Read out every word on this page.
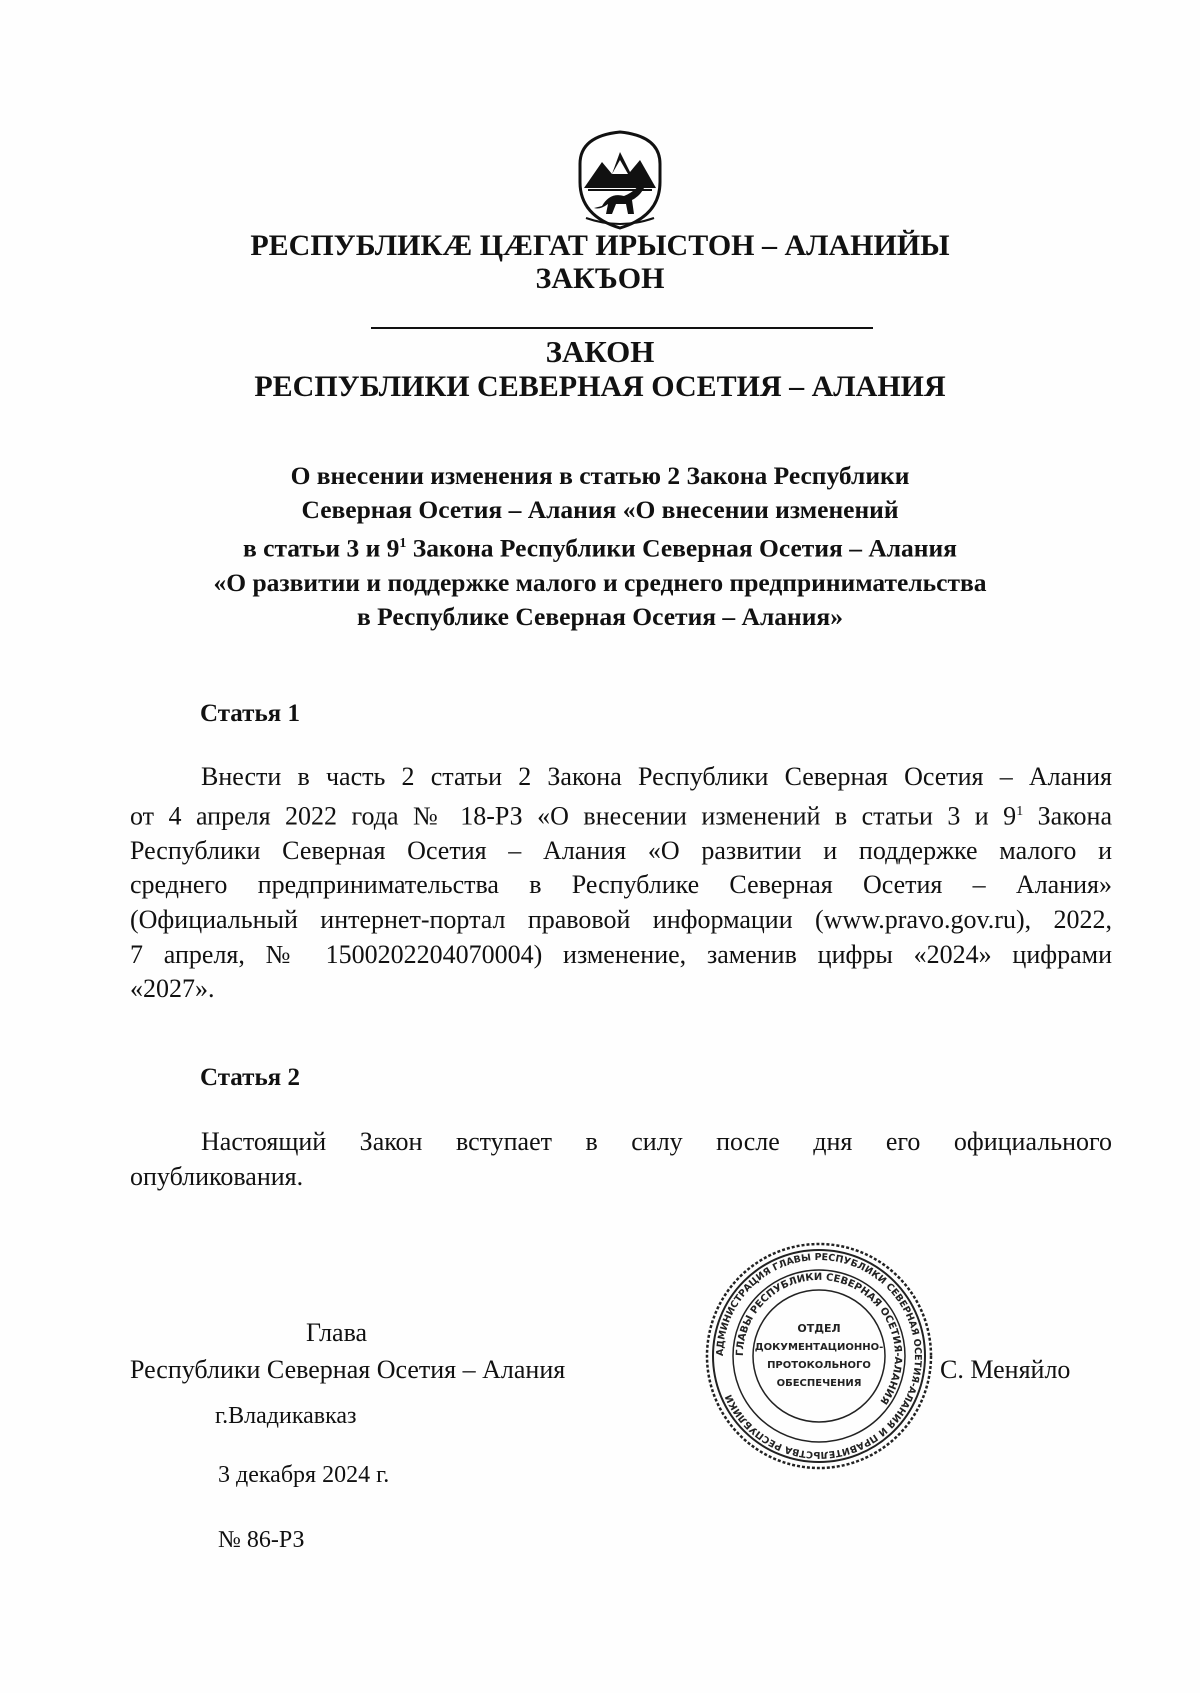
РЕСПУБЛИКӔ ЦӔГАТ ИРЫСТОН – АЛАНИЙЫ

ЗАКЪОН

ЗАКОН

РЕСПУБЛИКИ СЕВЕРНАЯ ОСЕТИЯ – АЛАНИЯ

О внесении изменения в статью 2 Закона Республики
Северная Осетия – Алания «О внесении изменений
в статьи 3 и $9^1$ Закона Республики Северная Осетия – Алания
«О развитии и поддержке малого и среднего предпринимательства
в Республике Северная Осетия – Алания»

Статья 1

Внести в часть 2 статьи 2 Закона Республики Северная Осетия – Алания
от 4 апреля 2022 года № 18-РЗ «О внесении изменений в статьи 3 и $9^1$ Закона
Республики Северная Осетия – Алания «О развитии и поддержке малого и
среднего предпринимательства в Республике Северная Осетия – Алания»
(Официальный интернет-портал правовой информации (www.pravo.gov.ru), 2022,
7 апреля, № 1500202204070004) изменение, заменив цифры «2024» цифрами
«2027».

Статья 2

Настоящий Закон вступает в силу после дня его официального
опубликования.

Глава

Республики Северная Осетия – Алания	С. Меняйло

г.Владикавказ

3 декабря 2024 г.

№ 86-РЗ

АДМИНИСТРАЦИЯ ГЛАВЫ РЕСПУБЛИКИ СЕВЕРНАЯ ОСЕТИЯ-АЛАНИЯ И ПРАВИТЕЛЬСТВА РЕСПУБЛИКИ
ГЛАВЫ РЕСПУБЛИКИ СЕВЕРНАЯ ОСЕТИЯ-АЛАНИЯ
ОТДЕЛ
ДОКУМЕНТАЦИОННО-
ПРОТОКОЛЬНОГО
ОБЕСПЕЧЕНИЯ
